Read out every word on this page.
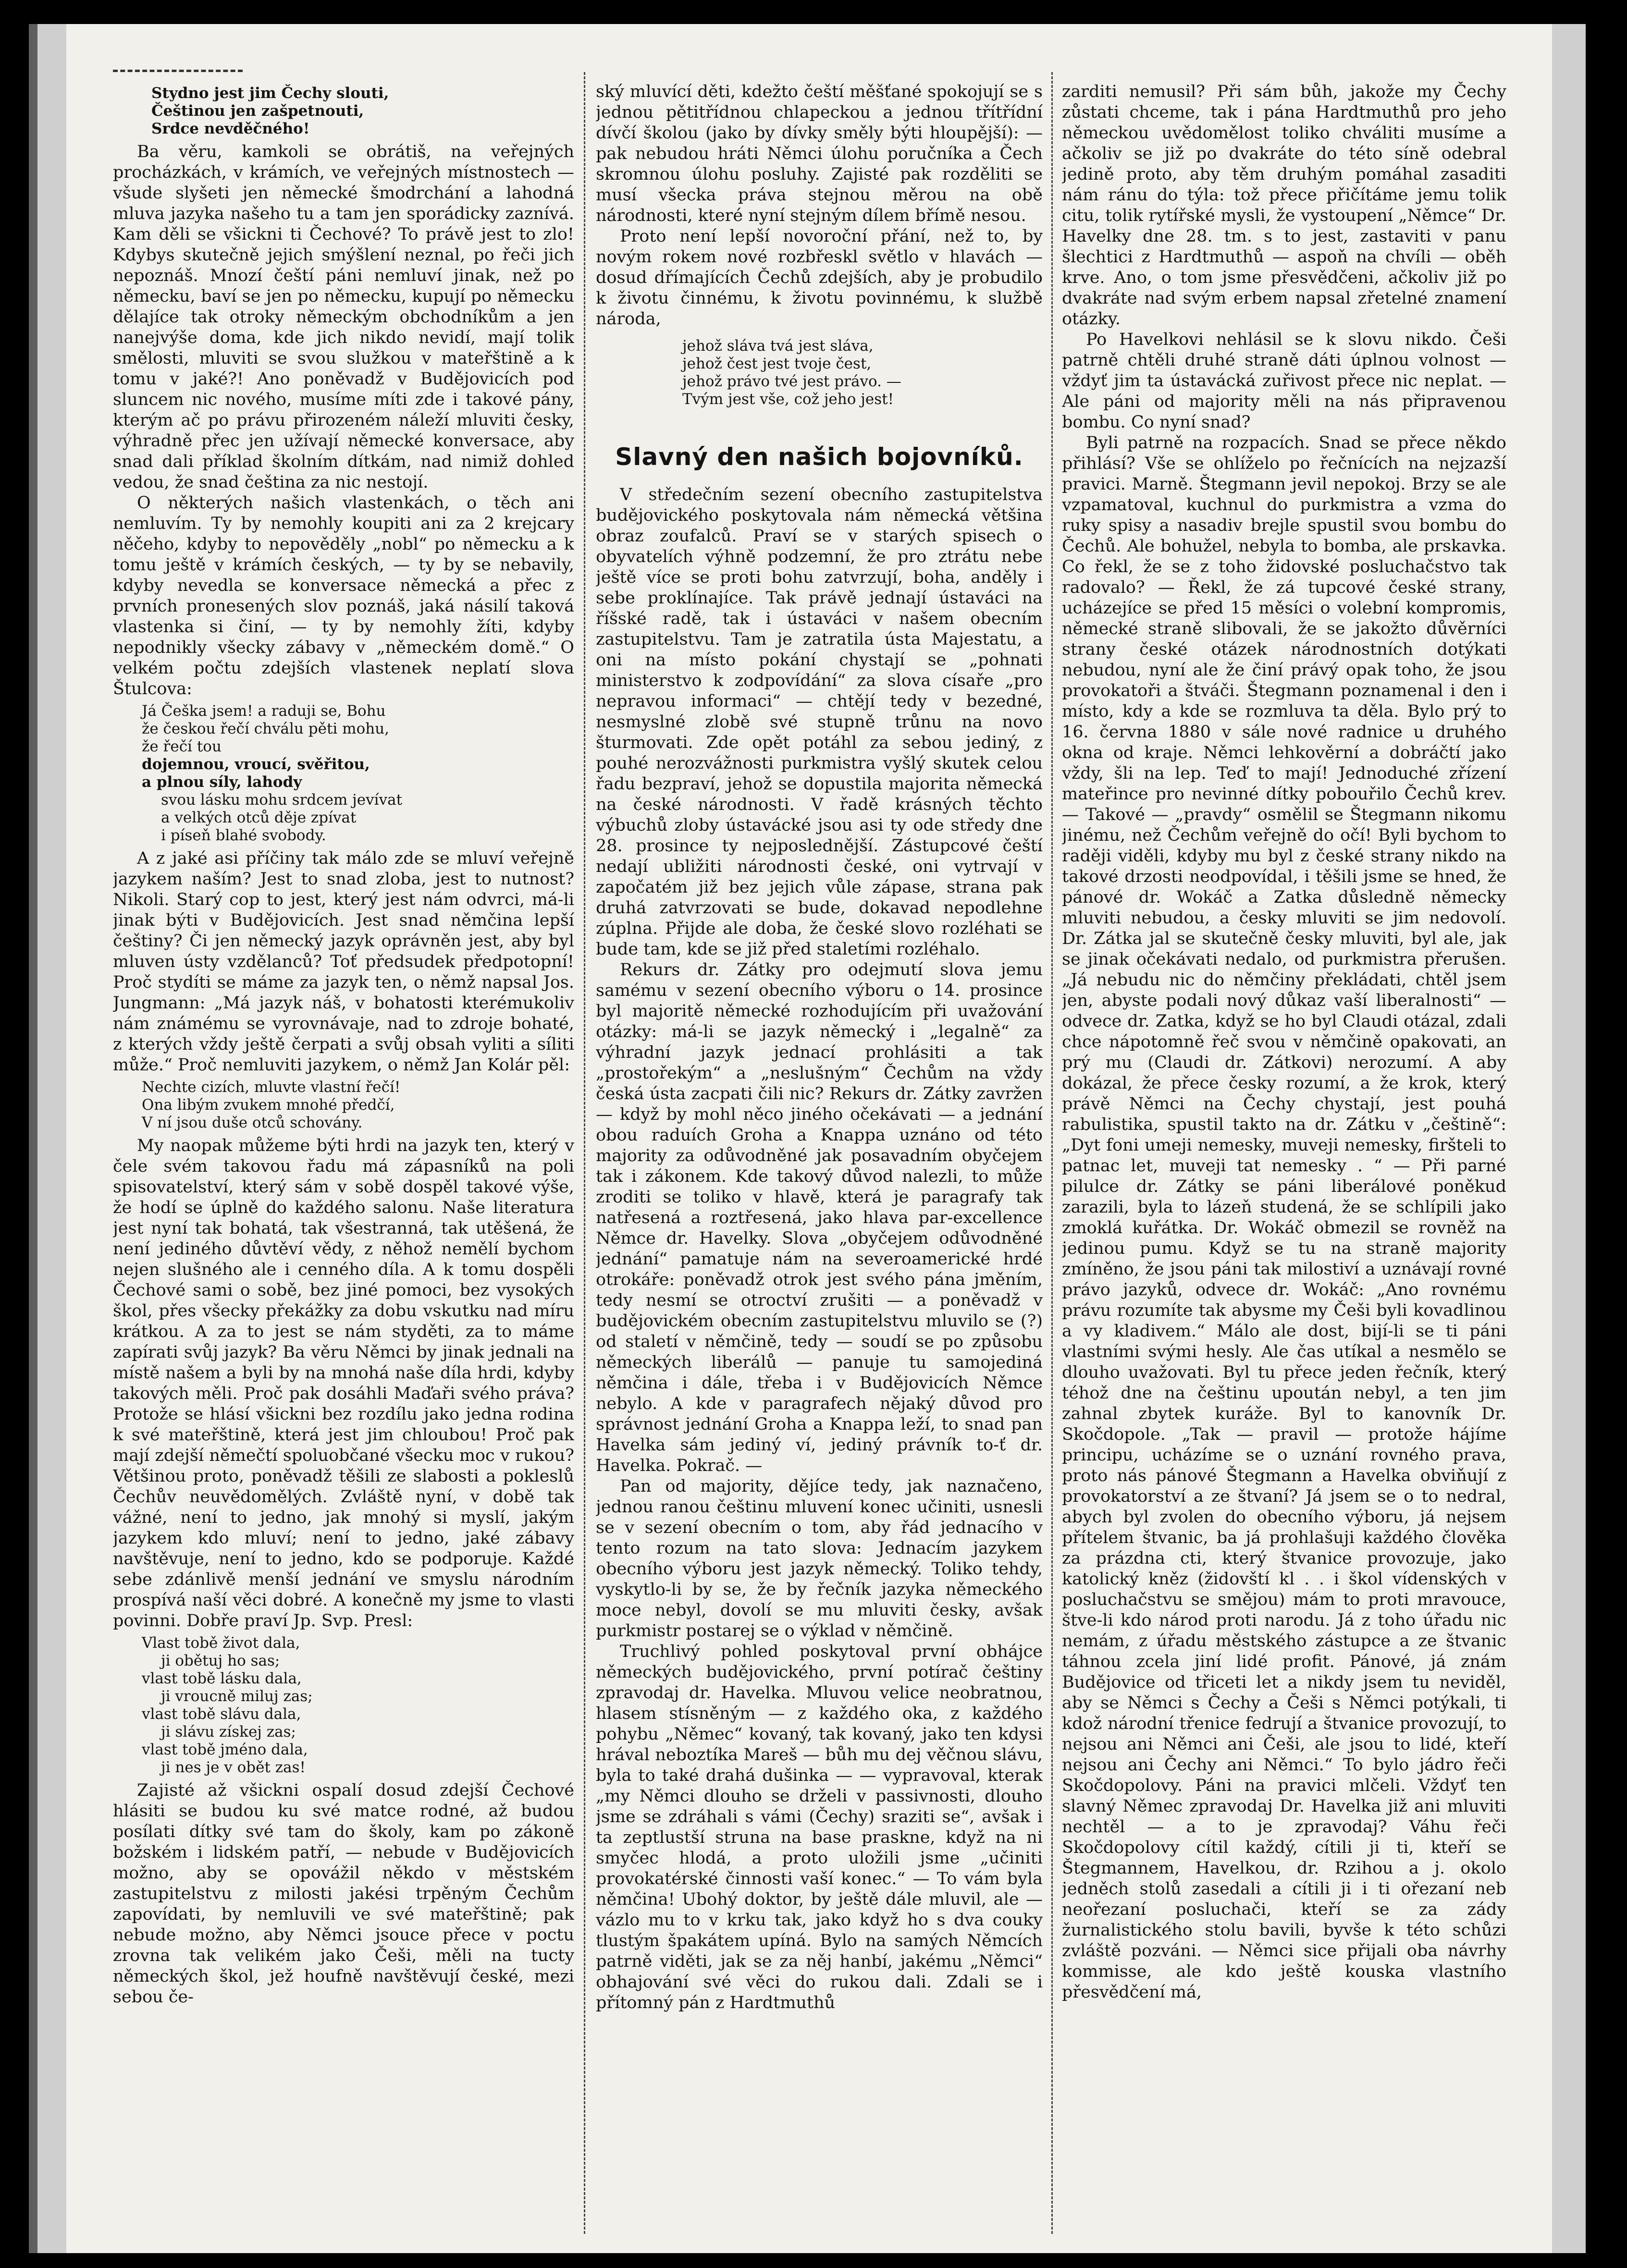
Stydno jest jim Čechy slouti,
Češtinou jen zašpetnouti,
Srdce nevděčného!

Ba věru, kamkoli se obrátiš, na veřejných procházkách, v krámích, ve veřejných místnostech — všude slyšeti jen německé šmodrchání a lahodná mluva jazyka našeho tu a tam jen sporádicky zaznívá. Kam děli se všickni ti Čechové? To právě jest to zlo! Kdybys skutečně jejich smýšlení neznal, po řeči jich nepoznáš. Mnozí čeští páni nemluví jinak, než po německu, baví se jen po německu, kupují po německu dělajíce tak otroky německým obchodníkům a jen nanejvýše doma, kde jich nikdo nevidí, mají tolik smělosti, mluviti se svou služkou v mateřštině a k tomu v jaké?! Ano poněvadž v Budějovicích pod sluncem nic nového, musíme míti zde i takové pány, kterým ač po právu přirozeném náleží mluviti česky, výhradně přec jen užívají německé konversace, aby snad dali příklad školním dítkám, nad nimiž dohled vedou, že snad čeština za nic nestojí.

O některých našich vlastenkách, o těch ani nemluvím. Ty by nemohly koupiti ani za 2 krejcary něčeho, kdyby to nepověděly „nobl“ po německu a k tomu ještě v krámích českých, — ty by se nebavily, kdyby nevedla se konversace německá a přec z prvních pronesených slov poznáš, jaká násilí taková vlastenka si činí, — ty by nemohly žíti, kdyby nepodnikly všecky zábavy v „německém domě.“ O velkém počtu zdejších vlastenek neplatí slova Štulcova:

Já Češka jsem! a raduji se, Bohu
že českou řečí chválu pěti mohu,
že řečí tou
dojemnou, vroucí, svěřitou,
a plnou síly, lahody
svou lásku mohu srdcem jevívat
a velkých otců děje zpívat
i píseň blahé svobody.

A z jaké asi příčiny tak málo zde se mluví veřejně jazykem naším? Jest to snad zloba, jest to nutnost? Nikoli. Starý cop to jest, který jest nám odvrci, má-li jinak býti v Budějovicích. Jest snad němčina lepší češtiny? Či jen německý jazyk oprávněn jest, aby byl mluven ústy vzdělanců? Toť předsudek předpotopní! Proč stydíti se máme za jazyk ten, o němž napsal Jos. Jungmann: „Má jazyk náš, v bohatosti kterémukoliv nám známému se vyrovnávaje, nad to zdroje bohaté, z kterých vždy ještě čerpati a svůj obsah vyliti a síliti může.“ Proč nemluviti jazykem, o němž Jan Kolár pěl:

Nechte cizích, mluvte vlastní řečí!
Ona libým zvukem mnohé předčí,
V ní jsou duše otců schovány.

My naopak můžeme býti hrdi na jazyk ten, který v čele svém takovou řadu má zápasníků na poli spisovatelství, který sám v sobě dospěl takové výše, že hodí se úplně do každého salonu. Naše literatura jest nyní tak bohatá, tak všestranná, tak utěšená, že není jediného důvtěví vědy, z něhož nemělí bychom nejen slušného ale i cenného díla. A k tomu dospěli Čechové sami o sobě, bez jiné pomoci, bez vysokých škol, přes všecky překážky za dobu vskutku nad míru krátkou. A za to jest se nám styděti, za to máme zapírati svůj jazyk? Ba věru Němci by jinak jednali na místě našem a byli by na mnohá naše díla hrdi, kdyby takových měli. Proč pak dosáhli Maďaři svého práva? Protože se hlásí všickni bez rozdílu jako jedna rodina k své mateřštině, která jest jim chloubou! Proč pak mají zdejší němečtí spoluobčané všecku moc v rukou? Většinou proto, poněvadž těšili ze slabosti a pokleslů Čechův neuvědomělých. Zvláště nyní, v době tak vážné, není to jedno, jak mnohý si myslí, jakým jazykem kdo mluví; není to jedno, jaké zábavy navštěvuje, není to jedno, kdo se podporuje. Každé sebe zdánlivě menší jednání ve smyslu národním prospívá naší věci dobré. A konečně my jsme to vlasti povinni. Dobře praví Jp. Svp. Presl:

Vlast tobě život dala,
ji obětuj ho sas;
vlast tobě lásku dala,
ji vroucně miluj zas;
vlast tobě slávu dala,
ji slávu získej zas;
vlast tobě jméno dala,
ji nes je v obět zas!

Zajisté až všickni ospalí dosud zdejší Čechové hlásiti se budou ku své matce rodné, až budou posílati dítky své tam do školy, kam po zákoně božském i lidském patří, — nebude v Budějovicích možno, aby se opovážil někdo v městském zastupitelstvu z milosti jakési trpěným Čechům zapovídati, by nemluvili ve své mateřštině; pak nebude možno, aby Němci jsouce přece v poctu zrovna tak velikém jako Češi, měli na tucty německých škol, jež houfně navštěvují české, mezi sebou če-

ský mluvící děti, kdežto čeští měšťané spokojují se s jednou pětitřídnou chlapeckou a jednou třítřídní dívčí školou (jako by dívky směly býti hloupější): — pak nebudou hráti Němci úlohu poručníka a Čech skromnou úlohu posluhy. Zajisté pak rozděliti se musí všecka práva stejnou měrou na obě národnosti, které nyní stejným dílem břímě nesou.

Proto není lepší novoroční přání, než to, by novým rokem nové rozbřeskl světlo v hlavách — dosud dřímajících Čechů zdejších, aby je probudilo k životu činnému, k životu povinnému, k službě národa,

jehož sláva tvá jest sláva,
jehož čest jest tvoje čest,
jehož právo tvé jest právo. —
Tvým jest vše, což jeho jest!
Slavný den našich bojovníků.

V středečním sezení obecního zastupitelstva budějovického poskytovala nám německá většina obraz zoufalců. Praví se v starých spisech o obyvatelích výhně podzemní, že pro ztrátu nebe ještě více se proti bohu zatvrzují, boha, anděly i sebe proklínajíce. Tak právě jednají ústaváci na říšské radě, tak i ústaváci v našem obecním zastupitelstvu. Tam je zatratila ústa Majestatu, a oni na místo pokání chystají se „pohnati ministerstvo k zodpovídání“ za slova císaře „pro nepravou informaci“ — chtějí tedy v bezedné, nesmyslné zlobě své stupně trůnu na novo šturmovati. Zde opět potáhl za sebou jediný, z pouhé nerozvážnosti purkmistra vyšlý skutek celou řadu bezpraví, jehož se dopustila majorita německá na české národnosti. V řadě krásných těchto výbuchů zloby ústavácké jsou asi ty ode středy dne 28. prosince ty nejposlednější. Zástupcové čeští nedají ubližiti národnosti české, oni vytrvají v započatém již bez jejich vůle zápase, strana pak druhá zatvrzovati se bude, dokavad nepodlehne zúplna. Přijde ale doba, že české slovo rozléhati se bude tam, kde se již před staletími rozléhalo.

Rekurs dr. Zátky pro odejmutí slova jemu samému v sezení obecního výboru o 14. prosince byl majoritě německé rozhodujícím při uvažování otázky: má-li se jazyk německý i „legalně“ za výhradní jazyk jednací prohlásiti a tak „prostořekým“ a „neslušným“ Čechům na vždy česká ústa zacpati čili nic? Rekurs dr. Zátky zavržen — když by mohl něco jiného očekávati — a jednání obou raduích Groha a Knappa uznáno od této majority za odůvodněné jak posavadním obyčejem tak i zákonem. Kde takový důvod nalezli, to může zroditi se toliko v hlavě, která je paragrafy tak natřesená a roztřesená, jako hlava par-excellence Němce dr. Havelky. Slova „obyčejem odůvodněné jednání“ pamatuje nám na severoamerické hrdé otrokáře: poněvadž otrok jest svého pána jměním, tedy nesmí se otroctví zrušiti — a poněvadž v budějovickém obecním zastupitelstvu mluvilo se (?) od staletí v němčině, tedy — soudí se po způsobu německých liberálů — panuje tu samojediná němčina i dále, třeba i v Budějovicích Němce nebylo. A kde v paragrafech nějaký důvod pro správnost jednání Groha a Knappa leží, to snad pan Havelka sám jediný ví, jediný právník to-ť dr. Havelka. Pokrač. —

Pan od majority, dějíce tedy, jak naznačeno, jednou ranou češtinu mluvení konec učiniti, usnesli se v sezení obecním o tom, aby řád jednacího v tento rozum na tato slova: Jednacím jazykem obecního výboru jest jazyk německý. Toliko tehdy, vyskytlo-li by se, že by řečník jazyka německého moce nebyl, dovolí se mu mluviti česky, avšak purkmistr postarej se o výklad v němčině.

Truchlivý pohled poskytoval první obhájce německých budějovického, první potírač češtiny zpravodaj dr. Havelka. Mluvou velice neobratnou, hlasem stísněným — z každého oka, z každého pohybu „Němec“ kovaný, tak kovaný, jako ten kdysi hrával neboztíka Mareš — bůh mu dej věčnou slávu, byla to také drahá dušinka — — vypravoval, kterak „my Němci dlouho se drželi v passivnosti, dlouho jsme se zdráhali s vámi (Čechy) sraziti se“, avšak i ta zeptlustší struna na base praskne, když na ni smyčec hlodá, a proto uložili jsme „učiniti provokatérské činnosti vaší konec.“ — To vám byla němčina! Ubohý doktor, by ještě dále mluvil, ale — vázlo mu to v krku tak, jako když ho s dva couky tlustým špakátem upíná. Bylo na samých Němcích patrně viděti, jak se za něj hanbí, jakému „Němci“ obhajování své věci do rukou dali. Zdali se i přítomný pán z Hardtmuthů

zarditi nemusil? Při sám bůh, jakože my Čechy zůstati chceme, tak i pána Hardtmuthů pro jeho německou uvědomělost toliko chváliti musíme a ačkoliv se již po dvakráte do této síně odebral jedině proto, aby těm druhým pomáhal zasaditi nám ránu do týla: tož přece přičítáme jemu tolik citu, tolik rytířské mysli, že vystoupení „Němce“ Dr. Havelky dne 28. tm. s to jest, zastaviti v panu šlechtici z Hardtmuthů — aspoň na chvíli — oběh krve. Ano, o tom jsme přesvědčeni, ačkoliv již po dvakráte nad svým erbem napsal zřetelné znamení otázky.

Po Havelkovi nehlásil se k slovu nikdo. Češi patrně chtěli druhé straně dáti úplnou volnost — vždyť jim ta ústavácká zuřivost přece nic neplat. — Ale páni od majority měli na nás připravenou bombu. Co nyní snad?

Byli patrně na rozpacích. Snad se přece někdo přihlásí? Vše se ohlíželo po řečnících na nejzazší pravici. Marně. Štegmann jevil nepokoj. Brzy se ale vzpamatoval, kuchnul do purkmistra a vzma do ruky spisy a nasadiv brejle spustil svou bombu do Čechů. Ale bohužel, nebyla to bomba, ale prskavka. Co řekl, že se z toho židovské posluchačstvo tak radovalo? — Řekl, že zá tupcové české strany, ucházejíce se před 15 měsíci o volební kompromis, německé straně slibovali, že se jakožto důvěrníci strany české otázek národnostních dotýkati nebudou, nyní ale že činí právý opak toho, že jsou provokatoři a štváči. Štegmann poznamenal i den i místo, kdy a kde se rozmluva ta děla. Bylo prý to 16. června 1880 v sále nové radnice u druhého okna od kraje. Němci lehkověrní a dobráčtí jako vždy, šli na lep. Teď to mají! Jednoduché zřízení mateřince pro nevinné dítky pobouřilo Čechů krev. — Takové — „pravdy“ osmělil se Štegmann nikomu jinému, než Čechům veřejně do očí! Byli bychom to raději viděli, kdyby mu byl z české strany nikdo na takové drzosti neodpovídal, i těšili jsme se hned, že pánové dr. Wokáč a Zatka důsledně německy mluviti nebudou, a česky mluviti se jim nedovolí. Dr. Zátka jal se skutečně česky mluviti, byl ale, jak se jinak očekávati nedalo, od purkmistra přerušen. „Já nebudu nic do němčiny překládati, chtěl jsem jen, abyste podali nový důkaz vaší liberalnosti“ — odvece dr. Zatka, když se ho byl Claudi otázal, zdali chce nápotomně řeč svou v němčině opakovati, an prý mu (Claudi dr. Zátkovi) nerozumí. A aby dokázal, že přece česky rozumí, a že krok, který právě Němci na Čechy chystají, jest pouhá rabulistika, spustil takto na dr. Zátku v „češtině“: „Dyt foni umeji nemesky, muveji nemesky, firšteli to patnac let, muveji tat nemesky . “ — Při parné pilulce dr. Zátky se páni liberálové poněkud zarazili, byla to lázeň studená, že se schlípili jako zmoklá kuřátka. Dr. Wokáč obmezil se rovněž na jedinou pumu. Když se tu na straně majority zmíněno, že jsou páni tak milostiví a uznávají rovné právo jazyků, odvece dr. Wokáč: „Ano rovnému právu rozumíte tak abysme my Češi byli kovadlinou a vy kladivem.“ Málo ale dost, bijí-li se ti páni vlastními svými hesly. Ale čas utíkal a nesmělo se dlouho uvažovati. Byl tu přece jeden řečník, který téhož dne na češtinu upoután nebyl, a ten jim zahnal zbytek kuráže. Byl to kanovník Dr. Skočdopole. „Tak — pravil — protože hájíme principu, ucházíme se o uznání rovného prava, proto nás pánové Štegmann a Havelka obviňují z provokatorství a ze štvaní? Já jsem se o to nedral, abych byl zvolen do obecního výboru, já nejsem přítelem štvanic, ba já prohlašuji každého člověka za prázdna cti, který štvanice provozuje, jako katolický kněz (židovští kl . . i škol vídenských v posluchačstvu se smějou) mám to proti mravouce, štve-li kdo národ proti narodu. Já z toho úřadu nic nemám, z úřadu městského zástupce a ze štvanic táhnou zcela jiní lidé profit. Pánové, já znám Budějovice od třiceti let a nikdy jsem tu neviděl, aby se Němci s Čechy a Češi s Němci potýkali, ti kdož národní třenice fedrují a štvanice provozují, to nejsou ani Němci ani Češi, ale jsou to lidé, kteří nejsou ani Čechy ani Němci.“ To bylo jádro řeči Skočdopolovy. Páni na pravici mlčeli. Vždyť ten slavný Němec zpravodaj Dr. Havelka již ani mluviti nechtěl — a to je zpravodaj? Váhu řeči Skočdopolovy cítil každý, cítili ji ti, kteří se Štegmannem, Havelkou, dr. Rzihou a j. okolo jedněch stolů zasedali a cítili ji i ti ořezaní neb neořezaní posluchači, kteří se za zády žurnalistického stolu bavili, byvše k této schůzi zvláště pozváni. — Němci sice přijali oba návrhy kommisse, ale kdo ještě kouska vlastního přesvědčení má,
